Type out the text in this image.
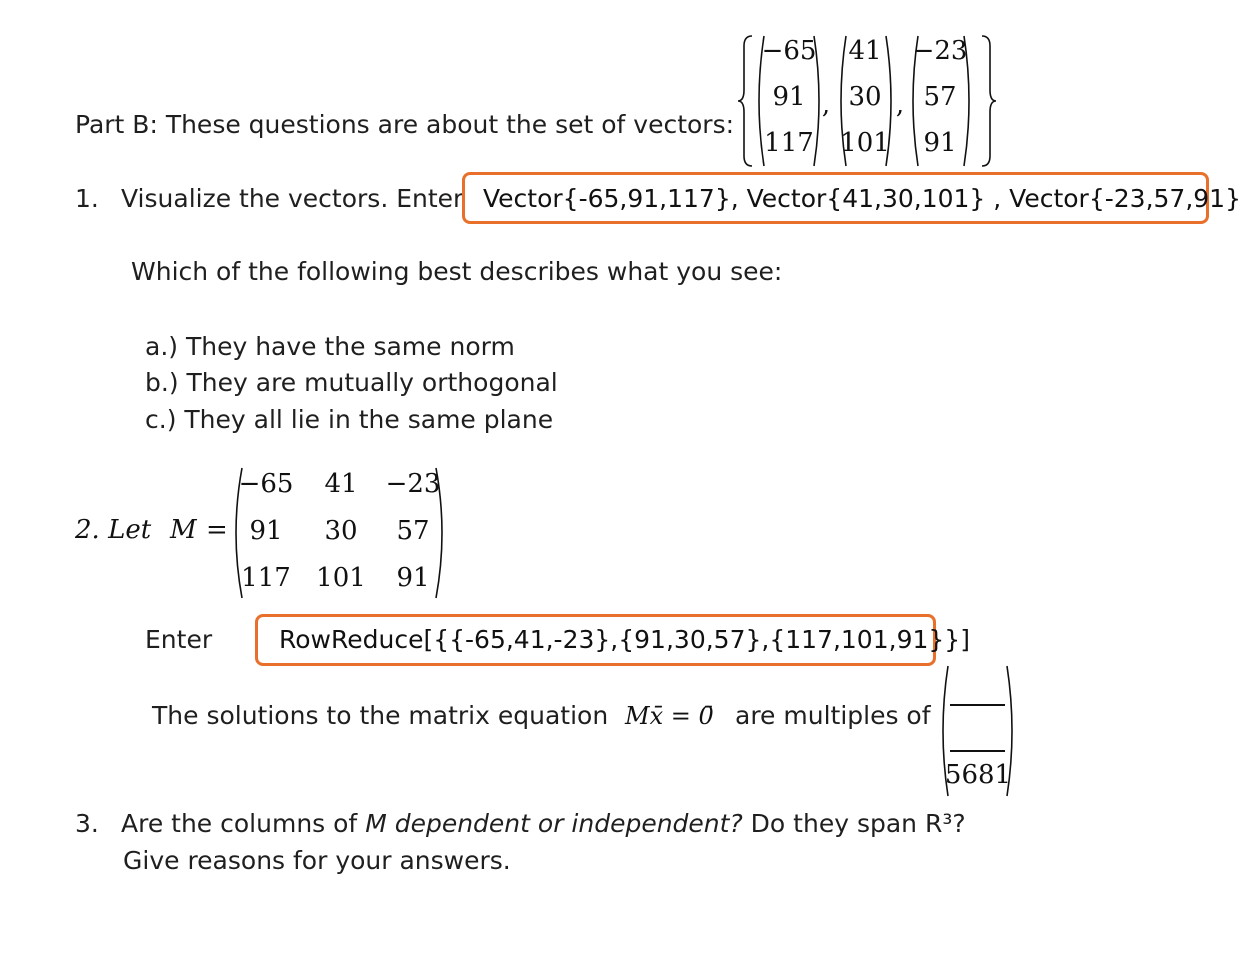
Part B: These questions are about the set of vectors:
−65
91
117
,
41
30
101
,
−23
57
91
1. Visualize the vectors. Enter Vector{-65,91,117}, Vector{41,30,101} , Vector{-23,57,91}
Which of the following best describes what you see:
a.) They have the same norm
b.) They are mutually orthogonal
c.) They all lie in the same plane
2. Let M =
−65 41 −23
91 30 57
117 101 91
Enter	RowReduce[{{-65,41,-23},{91,30,57},{117,101,91}}]
The solutions to the matrix equation Mx̄ = 0̄ are multiples of
5681
3. Are the columns of M dependent or independent? Do they span R³?
Give reasons for your answers.
